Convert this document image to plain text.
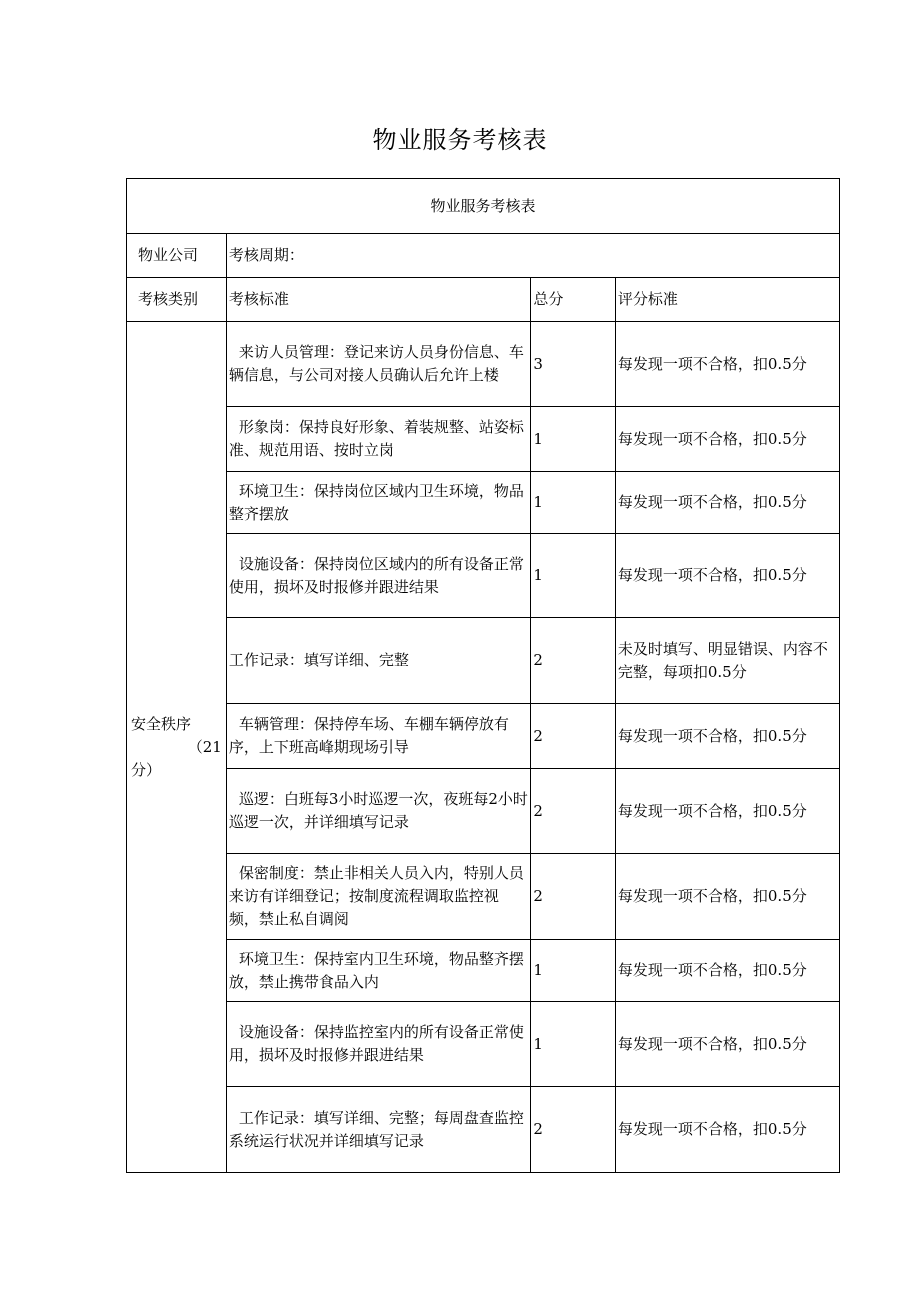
物业服务考核表
物业服务考核表			
物业公司	考核周期：		
考核类别	考核标准	总分	评分标准

安全秩序
（21
分）	来访人员管理：登记来访人员身份信息、车辆信息，与公司对接人员确认后允许上楼	3	每发现一项不合格，扣0.5分
	形象岗：保持良好形象、着装规整、站姿标准、规范用语、按时立岗	1	每发现一项不合格，扣0.5分
	环境卫生：保持岗位区域内卫生环境，物品整齐摆放	1	每发现一项不合格，扣0.5分
	设施设备：保持岗位区域内的所有设备正常使用，损坏及时报修并跟进结果	1	每发现一项不合格，扣0.5分
	工作记录：填写详细、完整	2	未及时填写、明显错误、内容不完整，每项扣0.5分
	车辆管理：保持停车场、车棚车辆停放有序，上下班高峰期现场引导	2	每发现一项不合格，扣0.5分
	巡逻：白班每3小时巡逻一次，夜班每2小时巡逻一次，并详细填写记录	2	每发现一项不合格，扣0.5分
	保密制度：禁止非相关人员入内，特别人员来访有详细登记；按制度流程调取监控视频，禁止私自调阅	2	每发现一项不合格，扣0.5分
	环境卫生：保持室内卫生环境，物品整齐摆放，禁止携带食品入内	1	每发现一项不合格，扣0.5分
	设施设备：保持监控室内的所有设备正常使用，损坏及时报修并跟进结果	1	每发现一项不合格，扣0.5分
	工作记录：填写详细、完整；每周盘查监控系统运行状况并详细填写记录	2	每发现一项不合格，扣0.5分
